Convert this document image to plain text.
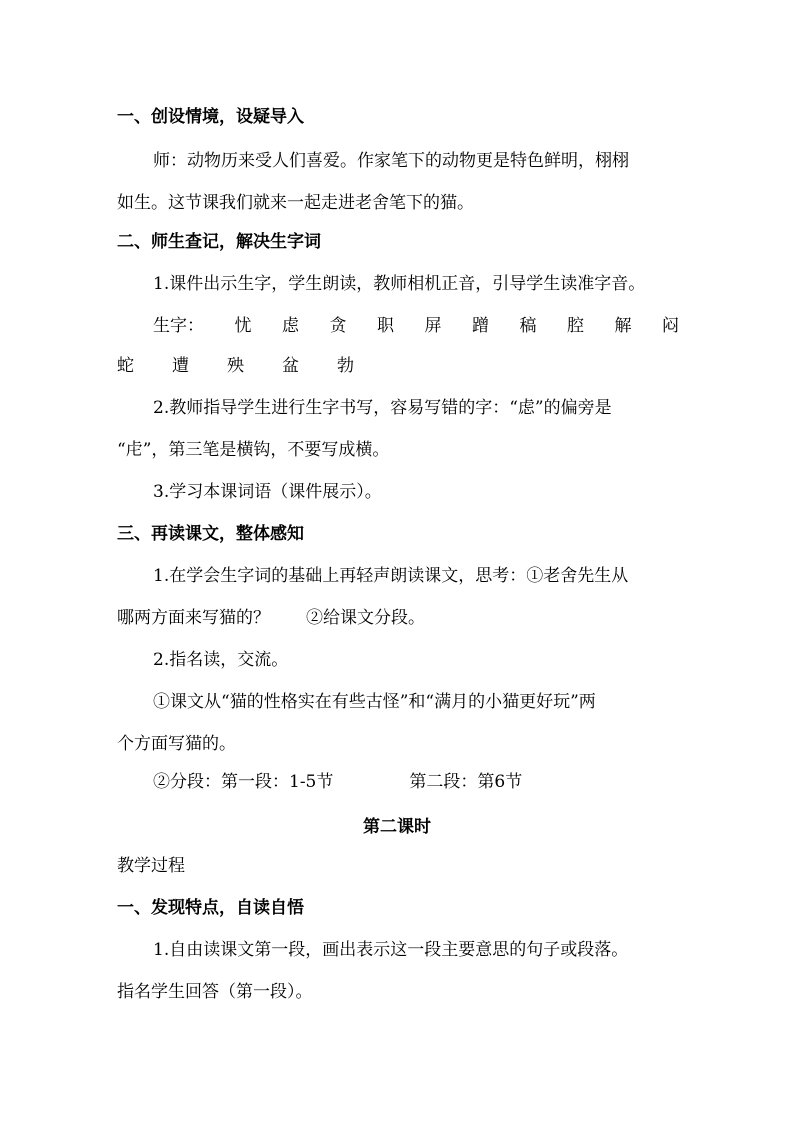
一、创设情境，设疑导入
师：动物历来受人们喜爱。作家笔下的动物更是特色鲜明，栩栩
如生。这节课我们就来一起走进老舍笔下的猫。
二、师生查记，解决生字词
1.课件出示生字，学生朗读，教师相机正音，引导学生读准字音。
生字： 忧 虑 贪 职 屏 蹭 稿 腔 解 闷
蛇 遭 殃 盆 勃
2.教师指导学生进行生字书写，容易写错的字：“虑”的偏旁是
“虍”，第三笔是横钩，不要写成横。
3.学习本课词语（课件展示）。
三、再读课文，整体感知
1.在学会生字词的基础上再轻声朗读课文，思考：①老舍先生从
哪两方面来写猫的？ ②给课文分段。
2.指名读，交流。
①课文从“猫的性格实在有些古怪”和“满月的小猫更好玩”两
个方面写猫的。
②分段：第一段：1-5节	第二段：第6节
第二课时
教学过程
一、发现特点，自读自悟
1.自由读课文第一段，画出表示这一段主要意思的句子或段落。
指名学生回答（第一段）。
